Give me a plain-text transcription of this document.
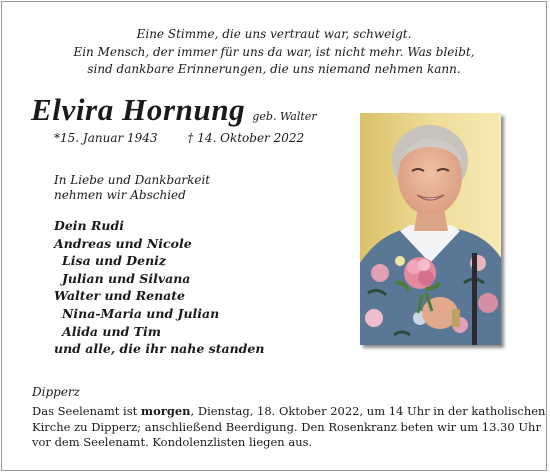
Eine Stimme, die uns vertraut war, schweigt.
Ein Mensch, der immer für uns da war, ist nicht mehr. Was bleibt,
sind dankbare Erinnerungen, die uns niemand nehmen kann.
Elvira Hornung geb. Walter
*15. Januar 1943 † 14. Oktober 2022
In Liebe und Dankbarkeit
nehmen wir Abschied
Dein Rudi
Andreas und Nicole
Lisa und Deniz
Julian und Silvana
Walter und Renate
Nina-Maria und Julian
Alida und Tim
und alle, die ihr nahe standen
Dipperz
Das Seelenamt ist morgen, Dienstag, 18. Oktober 2022, um 14 Uhr in der katholischen
Kirche zu Dipperz; anschließend Beerdigung. Den Rosenkranz beten wir um 13.30 Uhr
vor dem Seelenamt. Kondolenzlisten liegen aus.
